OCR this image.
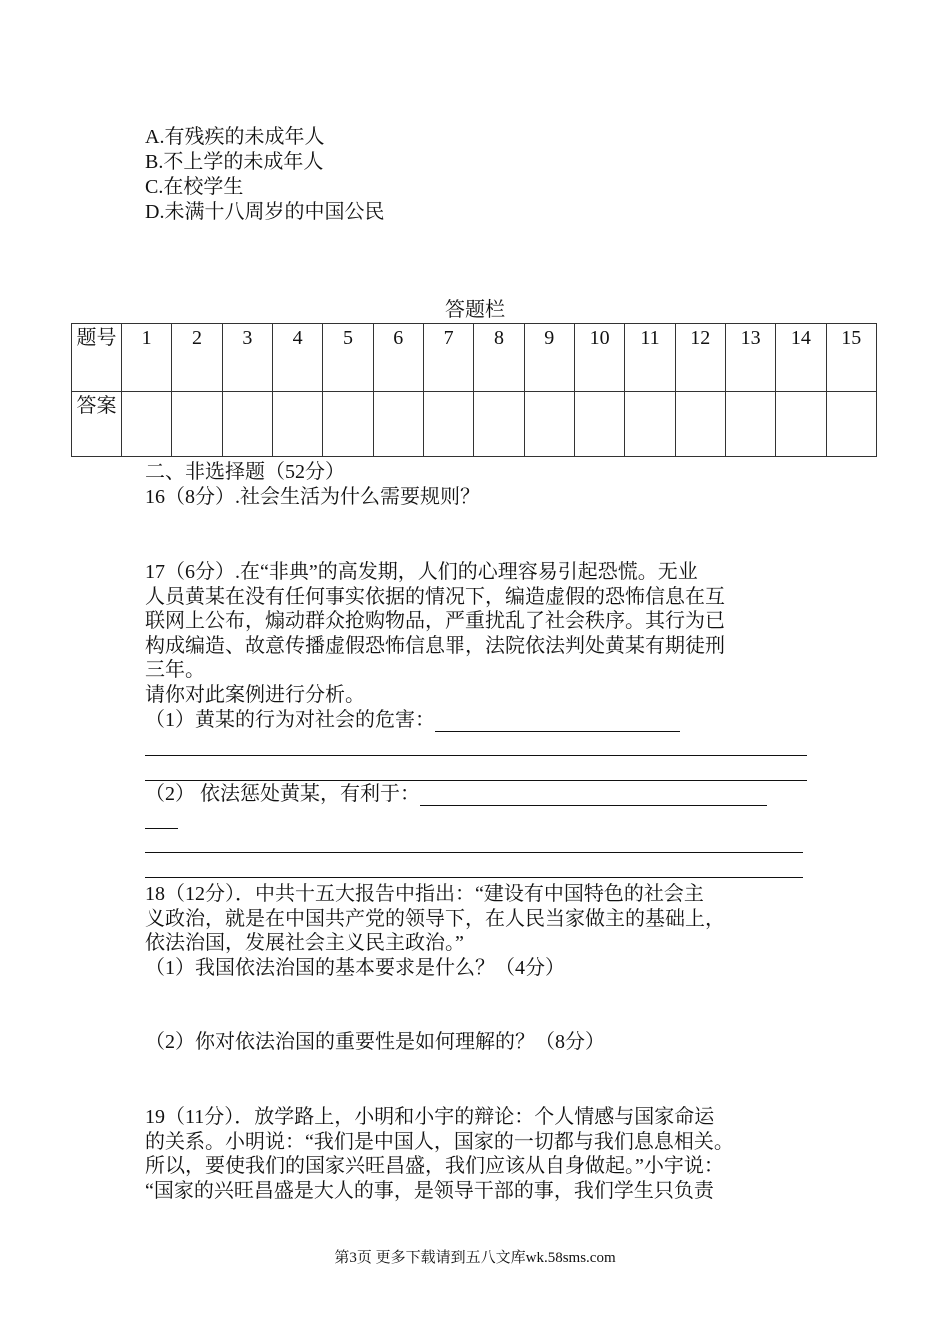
A.有残疾的未成年人
B.不上学的未成年人
C.在校学生
D.未满十八周岁的中国公民
答题栏
题号	1	2	3	4	5	6	7	8	9	10	11	12	13	14	15
答案															
二、非选择题（52分）
16（8分）.社会生活为什么需要规则？
17（6分）.在“非典”的高发期，人们的心理容易引起恐慌。无业
人员黄某在没有任何事实依据的情况下，编造虚假的恐怖信息在互
联网上公布，煽动群众抢购物品，严重扰乱了社会秩序。其行为已
构成编造、故意传播虚假恐怖信息罪，法院依法判处黄某有期徒刑
三年。
请你对此案例进行分析。
（1）黄某的行为对社会的危害：
（2） 依法惩处黄某，有利于：
18（12分）．中共十五大报告中指出：“建设有中国特色的社会主
义政治，就是在中国共产党的领导下，在人民当家做主的基础上，
依法治国，发展社会主义民主政治。”
（1）我国依法治国的基本要求是什么？（4分）
（2）你对依法治国的重要性是如何理解的？（8分）
19（11分）．放学路上，小明和小宇的辩论：个人情感与国家命运
的关系。小明说：“我们是中国人，国家的一切都与我们息息相关。
所以，要使我们的国家兴旺昌盛，我们应该从自身做起。”小宇说：
“国家的兴旺昌盛是大人的事，是领导干部的事，我们学生只负责
第3页 更多下载请到五八文库wk.58sms.com
